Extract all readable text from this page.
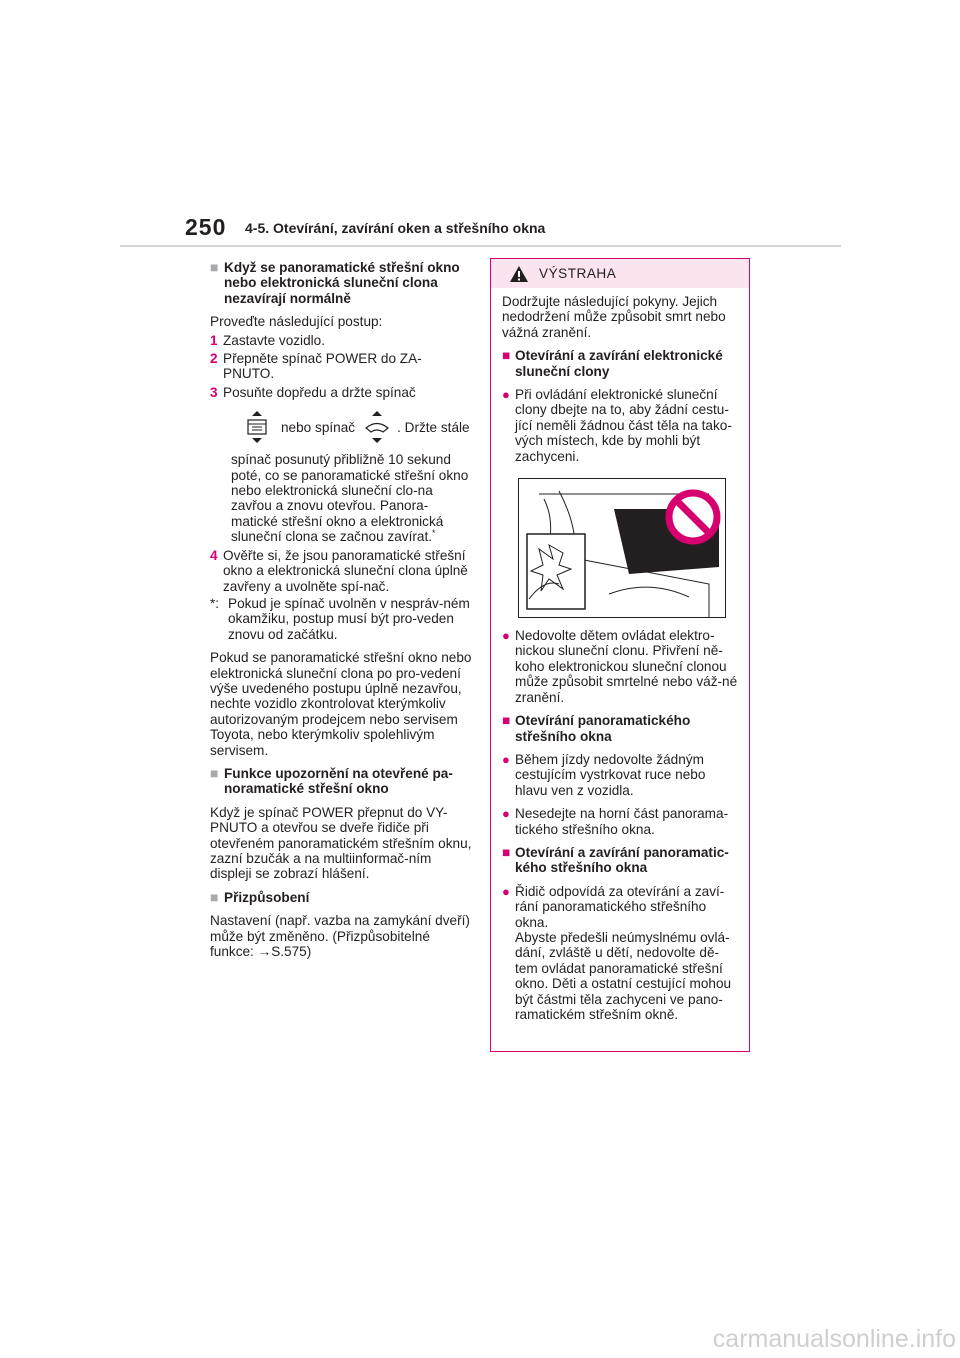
250 4-5. Otevírání, zavírání oken a střešního okna
■ Když se panoramatické střešní okno nebo elektronická sluneční clona nezavírají normálně

Proveďte následující postup:

1 Zastavte vozidlo.
2 Přepněte spínač POWER do ZA-PNUTO.
3 Posuňte dopředu a držte spínač
nebo spínač	. Držte stále

spínač posunutý přibližně 10 sekund poté, co se panoramatické střešní okno nebo elektronická sluneční clo-na zavřou a znovu otevřou. Panora-matické střešní okno a elektronická sluneční clona se začnou zavírat.*

4 Ověřte si, že jsou panoramatické střešní okno a elektronická sluneční clona úplně zavřeny a uvolněte spí-nač.
*: Pokud je spínač uvolněn v nespráv-ném okamžiku, postup musí být pro-veden znovu od začátku.

Pokud se panoramatické střešní okno nebo elektronická sluneční clona po pro-vedení výše uvedeného postupu úplně nezavřou, nechte vozidlo zkontrolovat kterýmkoliv autorizovaným prodejcem nebo servisem Toyota, nebo kterýmkoliv spolehlivým servisem.

■ Funkce upozornění na otevřené pa-noramatické střešní okno

Když je spínač POWER přepnut do VY-PNUTO a otevřou se dveře řidiče při otevřeném panoramatickém střešním oknu, zazní bzučák a na multiinformač-ním displeji se zobrazí hlášení.

■ Přizpůsobení

Nastavení (např. vazba na zamykání dveří) může být změněno. (Přizpůsobitelné funkce: →S.575)

VÝSTRAHA

Dodržujte následující pokyny. Jejich nedodržení může způsobit smrt nebo vážná zranění.

■ Otevírání a zavírání elektronické sluneční clony
● Při ovládání elektronické sluneční clony dbejte na to, aby žádní cestu-jící neměli žádnou část těla na tako-vých místech, kde by mohli být zachyceni.
● Nedovolte dětem ovládat elektro-nickou sluneční clonu. Přivření ně-koho elektronickou sluneční clonou může způsobit smrtelné nebo váž-né zranění.
■ Otevírání panoramatického střešního okna
● Během jízdy nedovolte žádným cestujícím vystrkovat ruce nebo hlavu ven z vozidla.
● Nesedejte na horní část panorama-tického střešního okna.
■ Otevírání a zavírání panoramatic-kého střešního okna
● Řidič odpovídá za otevírání a zaví-rání panoramatického střešního okna.
Abyste předešli neúmyslnému ovlá-dání, zvláště u dětí, nedovolte dě-tem ovládat panoramatické střešní okno. Děti a ostatní cestující mohou být částmi těla zachyceni ve pano-ramatickém střešním okně.
carmanualsonline.info
